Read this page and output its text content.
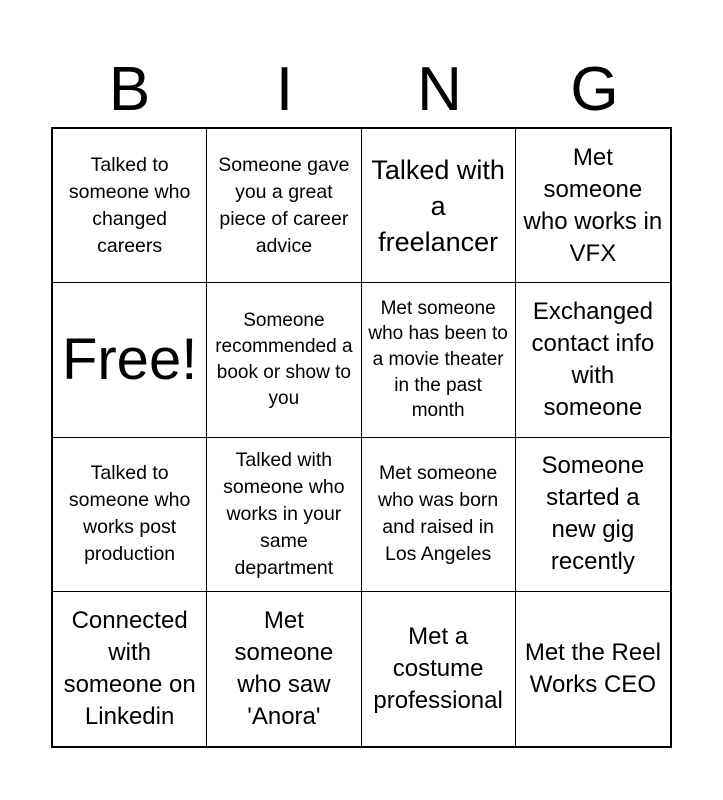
B	I	N	G
Talked to someone who changed careers
Someone gave you a great piece of career advice
Talked with a freelancer
Met someone who works in VFX
Free!
Someone recommended a book or show to you
Met someone who has been to a movie theater in the past month
Exchanged contact info with someone
Talked to someone who works post production
Talked with someone who works in your same department
Met someone who was born and raised in Los Angeles
Someone started a new gig recently
Connected with someone on Linkedin
Met someone who saw 'Anora'
Met a costume professional
Met the Reel Works CEO
